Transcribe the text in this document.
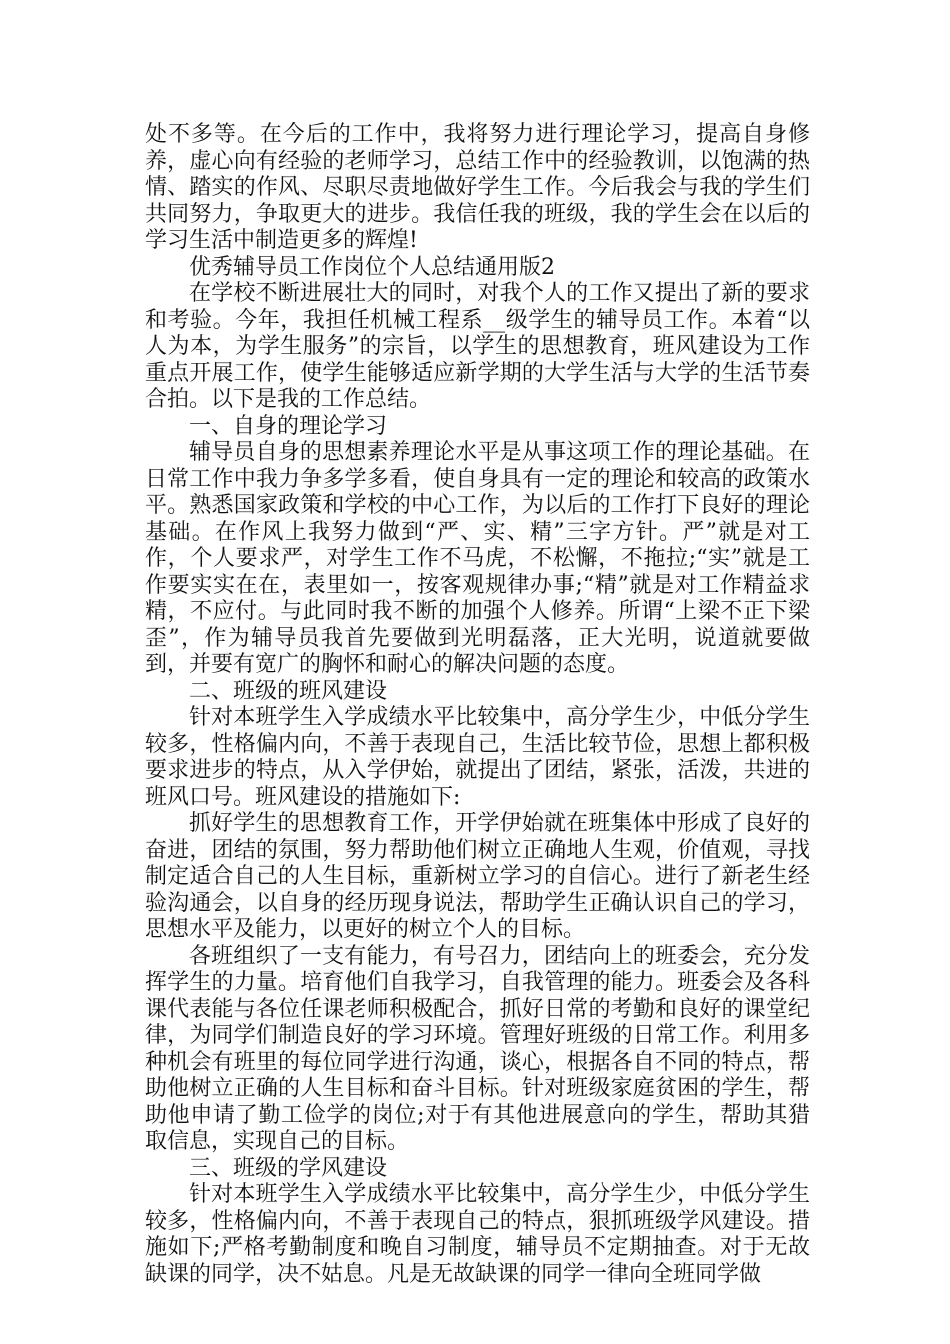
处不多等。在今后的工作中，我将努力进行理论学习，提高自身修养，虚心向有经验的老师学习，总结工作中的经验教训，以饱满的热情、踏实的作风、尽职尽责地做好学生工作。今后我会与我的学生们共同努力，争取更大的进步。我信任我的班级，我的学生会在以后的学习生活中制造更多的辉煌!

优秀辅导员工作岗位个人总结通用版2

在学校不断进展壮大的同时，对我个人的工作又提出了新的要求和考验。今年，我担任机械工程系__级学生的辅导员工作。本着“以人为本，为学生服务”的宗旨，以学生的思想教育，班风建设为工作重点开展工作，使学生能够适应新学期的大学生活与大学的生活节奏合拍。以下是我的工作总结。

一、自身的理论学习

辅导员自身的思想素养理论水平是从事这项工作的理论基础。在日常工作中我力争多学多看，使自身具有一定的理论和较高的政策水平。熟悉国家政策和学校的中心工作，为以后的工作打下良好的理论基础。在作风上我努力做到“严、实、精”三字方针。严”就是对工作，个人要求严，对学生工作不马虎，不松懈，不拖拉;“实”就是工作要实实在在，表里如一，按客观规律办事;“精”就是对工作精益求精，不应付。与此同时我不断的加强个人修养。所谓“上梁不正下梁歪”，作为辅导员我首先要做到光明磊落，正大光明，说道就要做到，并要有宽广的胸怀和耐心的解决问题的态度。

二、班级的班风建设

针对本班学生入学成绩水平比较集中，高分学生少，中低分学生较多，性格偏内向，不善于表现自己，生活比较节俭，思想上都积极要求进步的特点，从入学伊始，就提出了团结，紧张，活泼，共进的班风口号。班风建设的措施如下:

抓好学生的思想教育工作，开学伊始就在班集体中形成了良好的奋进，团结的氛围，努力帮助他们树立正确地人生观，价值观，寻找制定适合自己的人生目标，重新树立学习的自信心。进行了新老生经验沟通会，以自身的经历现身说法，帮助学生正确认识自己的学习，思想水平及能力，以更好的树立个人的目标。

各班组织了一支有能力，有号召力，团结向上的班委会，充分发挥学生的力量。培育他们自我学习，自我管理的能力。班委会及各科课代表能与各位任课老师积极配合，抓好日常的考勤和良好的课堂纪律，为同学们制造良好的学习环境。管理好班级的日常工作。利用多种机会有班里的每位同学进行沟通，谈心，根据各自不同的特点，帮助他树立正确的人生目标和奋斗目标。针对班级家庭贫困的学生，帮助他申请了勤工俭学的岗位;对于有其他进展意向的学生，帮助其猎取信息，实现自己的目标。

三、班级的学风建设

针对本班学生入学成绩水平比较集中，高分学生少，中低分学生较多，性格偏内向，不善于表现自己的特点，狠抓班级学风建设。措施如下;严格考勤制度和晚自习制度，辅导员不定期抽查。对于无故缺课的同学，决不姑息。凡是无故缺课的同学一律向全班同学做
